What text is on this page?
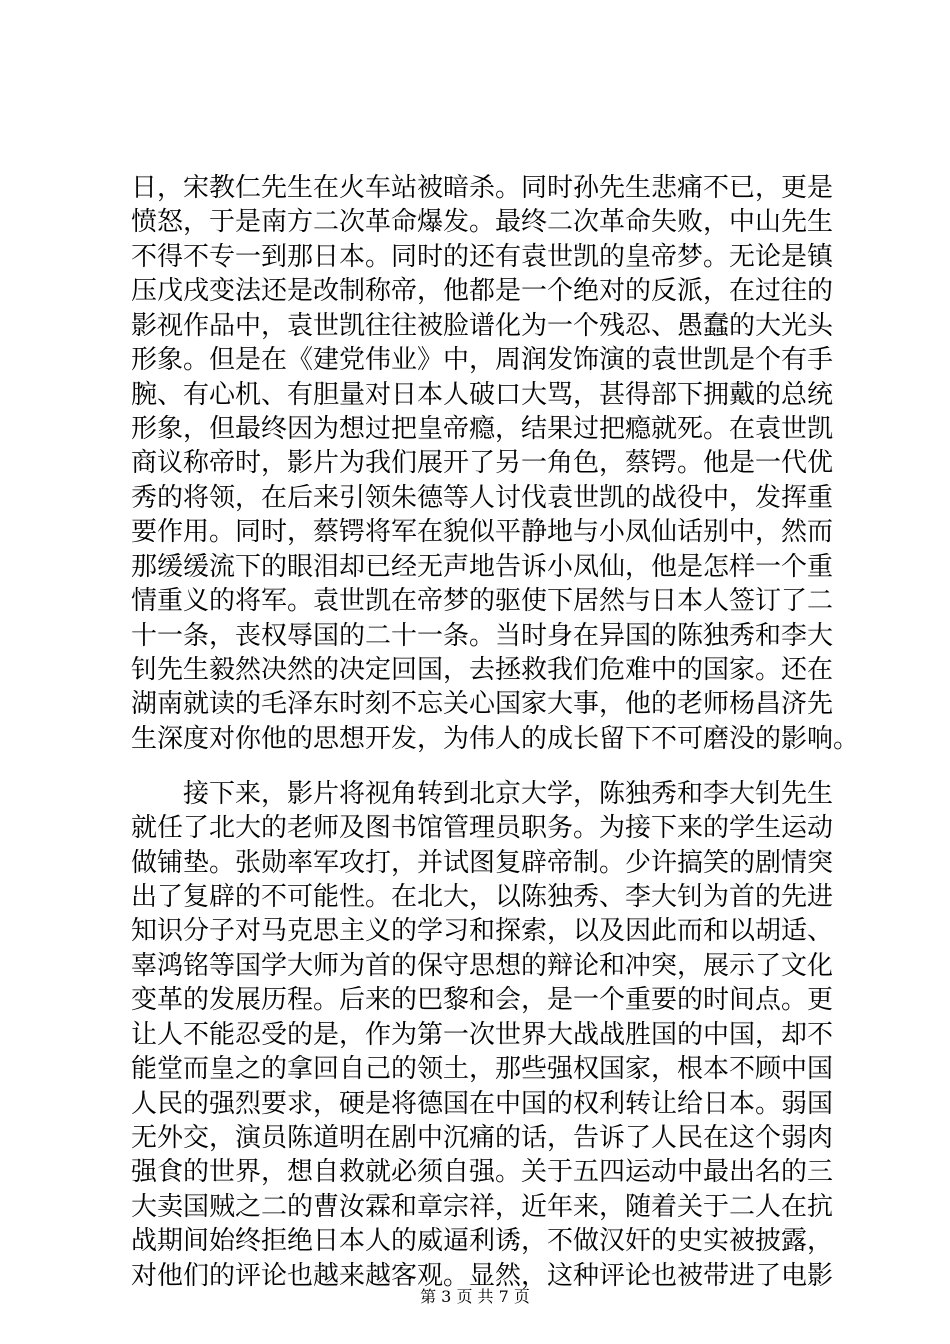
日，宋教仁先生在火车站被暗杀。同时孙先生悲痛不已，更是
愤怒，于是南方二次革命爆发。最终二次革命失败，中山先生
不得不专一到那日本。同时的还有袁世凯的皇帝梦。无论是镇
压戊戌变法还是改制称帝，他都是一个绝对的反派，在过往的
影视作品中，袁世凯往往被脸谱化为一个残忍、愚蠢的大光头
形象。但是在《建党伟业》中，周润发饰演的袁世凯是个有手
腕、有心机、有胆量对日本人破口大骂，甚得部下拥戴的总统
形象，但最终因为想过把皇帝瘾，结果过把瘾就死。在袁世凯
商议称帝时，影片为我们展开了另一角色，蔡锷。他是一代优
秀的将领，在后来引领朱德等人讨伐袁世凯的战役中，发挥重
要作用。同时，蔡锷将军在貌似平静地与小凤仙话别中，然而
那缓缓流下的眼泪却已经无声地告诉小凤仙，他是怎样一个重
情重义的将军。袁世凯在帝梦的驱使下居然与日本人签订了二
十一条，丧权辱国的二十一条。当时身在异国的陈独秀和李大
钊先生毅然决然的决定回国，去拯救我们危难中的国家。还在
湖南就读的毛泽东时刻不忘关心国家大事，他的老师杨昌济先
生深度对你他的思想开发，为伟人的成长留下不可磨没的影响。
　　接下来，影片将视角转到北京大学，陈独秀和李大钊先生
就任了北大的老师及图书馆管理员职务。为接下来的学生运动
做铺垫。张勋率军攻打，并试图复辟帝制。少许搞笑的剧情突
出了复辟的不可能性。在北大，以陈独秀、李大钊为首的先进
知识分子对马克思主义的学习和探索，以及因此而和以胡适、
辜鸿铭等国学大师为首的保守思想的辩论和冲突，展示了文化
变革的发展历程。后来的巴黎和会，是一个重要的时间点。更
让人不能忍受的是，作为第一次世界大战战胜国的中国，却不
能堂而皇之的拿回自己的领土，那些强权国家，根本不顾中国
人民的强烈要求，硬是将德国在中国的权利转让给日本。弱国
无外交，演员陈道明在剧中沉痛的话，告诉了人民在这个弱肉
强食的世界，想自救就必须自强。关于五四运动中最出名的三
大卖国贼之二的曹汝霖和章宗祥，近年来，随着关于二人在抗
战期间始终拒绝日本人的威逼利诱，不做汉奸的史实被披露，
对他们的评论也越来越客观。显然，这种评论也被带进了电影
第 3 页 共 7 页
